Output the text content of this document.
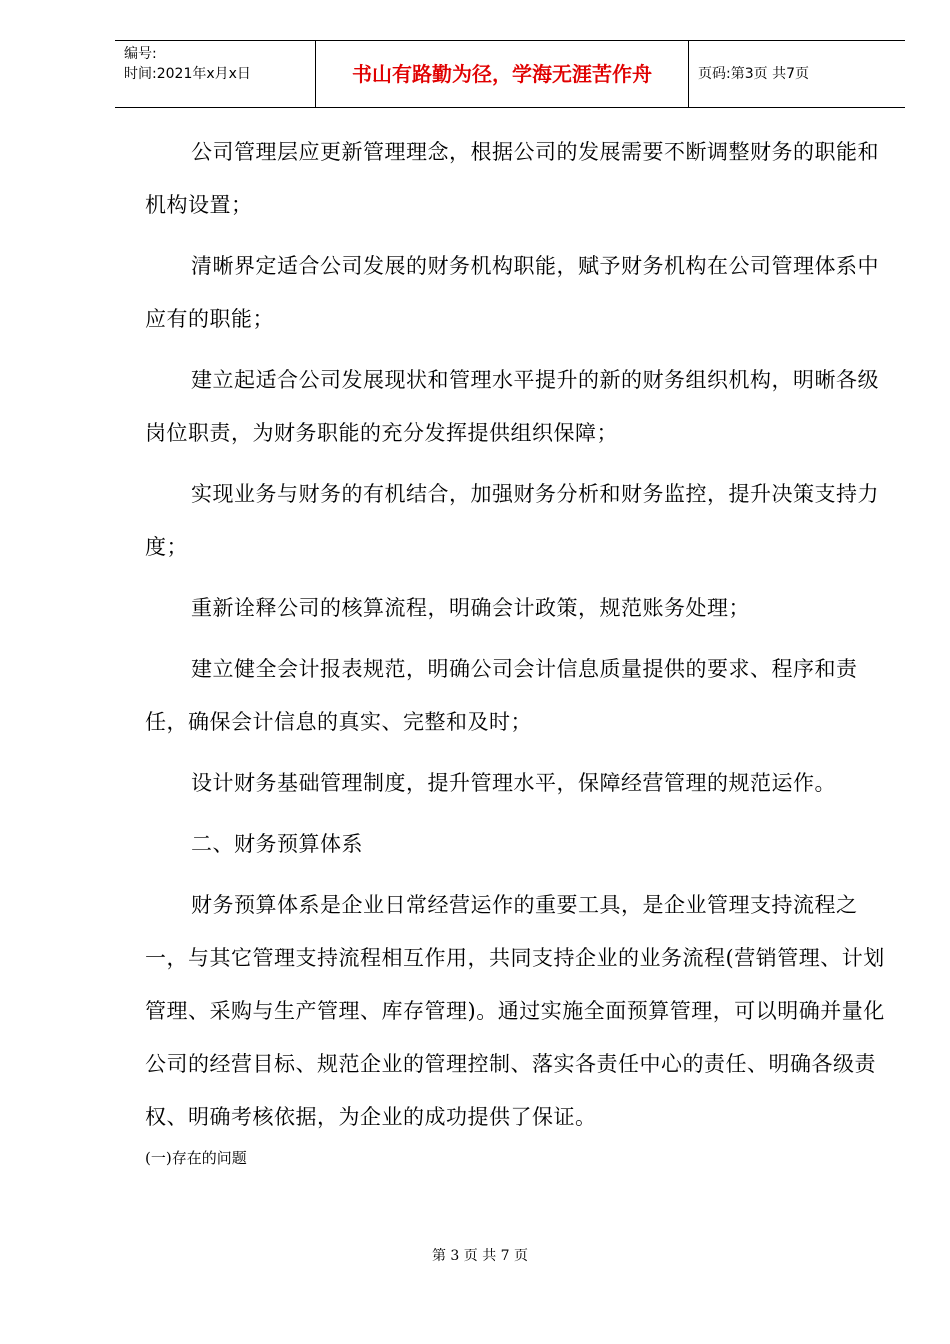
编号:
时间:2021年x月x日	书山有路勤为径，学海无涯苦作舟	页码:第3页 共7页

公司管理层应更新管理理念，根据公司的发展需要不断调整财务的职能和机构设置；

清晰界定适合公司发展的财务机构职能，赋予财务机构在公司管理体系中应有的职能；

建立起适合公司发展现状和管理水平提升的新的财务组织机构，明晰各级岗位职责，为财务职能的充分发挥提供组织保障；

实现业务与财务的有机结合，加强财务分析和财务监控，提升决策支持力度；

重新诠释公司的核算流程，明确会计政策，规范账务处理；

建立健全会计报表规范，明确公司会计信息质量提供的要求、程序和责任，确保会计信息的真实、完整和及时；

设计财务基础管理制度，提升管理水平，保障经营管理的规范运作。

二、财务预算体系

财务预算体系是企业日常经营运作的重要工具，是企业管理支持流程之一，与其它管理支持流程相互作用，共同支持企业的业务流程(营销管理、计划管理、采购与生产管理、库存管理)。通过实施全面预算管理，可以明确并量化公司的经营目标、规范企业的管理控制、落实各责任中心的责任、明确各级责权、明确考核依据，为企业的成功提供了保证。

(一)存在的问题
第 3 页 共 7 页
